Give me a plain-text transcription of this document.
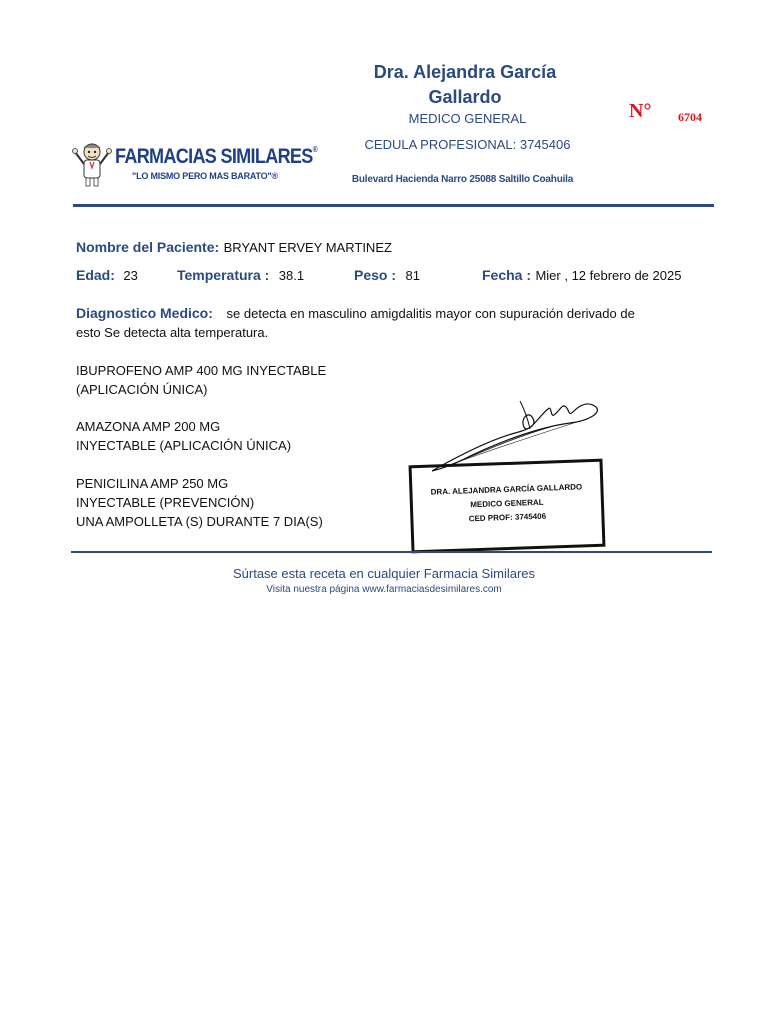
Dra. Alejandra García
Gallardo
MEDICO GENERAL
CEDULA PROFESIONAL: 3745406
Bulevard Hacienda Narro 25088 Saltillo Coahuila
N° 6704
FARMACIAS SIMILARES®
"LO MISMO PERO MAS BARATO"®
Nombre del Paciente: BRYANT ERVEY MARTINEZ
Edad: 23	Temperatura : 38.1	Peso : 81	Fecha : Mier , 12 febrero de 2025
Diagnostico Medico: se detecta en masculino amigdalitis mayor con supuración derivado de
esto Se detecta alta temperatura.
IBUPROFENO AMP 400 MG INYECTABLE
(APLICACIÓN ÚNICA)
AMAZONA AMP 200 MG
INYECTABLE (APLICACIÓN ÚNICA)
PENICILINA AMP 250 MG
INYECTABLE (PREVENCIÓN)
UNA AMPOLLETA (S) DURANTE 7 DIA(S)
DRA. ALEJANDRA GARCÍA GALLARDO
MEDICO GENERAL
CED PROF: 3745406
Súrtase esta receta en cualquier Farmacia Similares
Visita nuestra página www.farmaciasdesimilares.com
